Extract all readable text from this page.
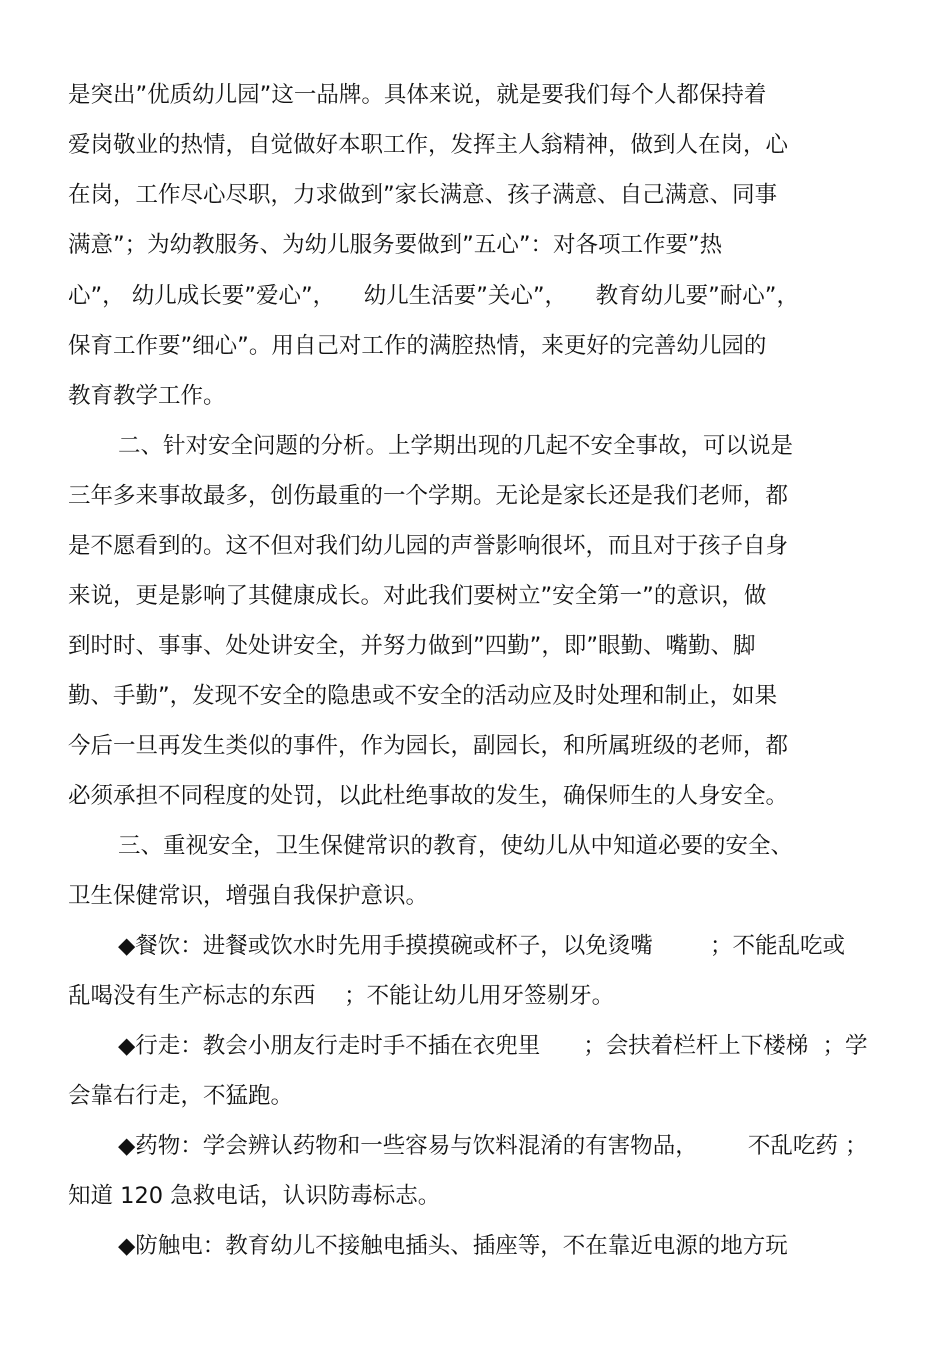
是突出”优质幼儿园”这一品牌。具体来说，就是要我们每个人都保持着
爱岗敬业的热情，自觉做好本职工作，发挥主人翁精神，做到人在岗，心
在岗，工作尽心尽职，力求做到”家长满意、孩子满意、自己满意、同事
满意”；为幼教服务、为幼儿服务要做到”五心”：对各项工作要”热
心”， 幼儿成长要”爱心”，    幼儿生活要”关心”，    教育幼儿要”耐心”，
保育工作要”细心”。用自己对工作的满腔热情，来更好的完善幼儿园的
教育教学工作。
二、针对安全问题的分析。上学期出现的几起不安全事故，可以说是
三年多来事故最多，创伤最重的一个学期。无论是家长还是我们老师，都
是不愿看到的。这不但对我们幼儿园的声誉影响很坏，而且对于孩子自身
来说，更是影响了其健康成长。对此我们要树立”安全第一”的意识，做
到时时、事事、处处讲安全，并努力做到”四勤”，即”眼勤、嘴勤、脚
勤、手勤”，发现不安全的隐患或不安全的活动应及时处理和制止，如果
今后一旦再发生类似的事件，作为园长，副园长，和所属班级的老师，都
必须承担不同程度的处罚，以此杜绝事故的发生，确保师生的人身安全。
三、重视安全，卫生保健常识的教育，使幼儿从中知道必要的安全、
卫生保健常识，增强自我保护意识。
◆餐饮：进餐或饮水时先用手摸摸碗或杯子，以免烫嘴        ；不能乱吃或
乱喝没有生产标志的东西    ；不能让幼儿用牙签剔牙。
◆行走：教会小朋友行走时手不插在衣兜里      ；会扶着栏杆上下楼梯  ；学
会靠右行走，不猛跑。
◆药物：学会辨认药物和一些容易与饮料混淆的有害物品，       不乱吃药 ；
知道 120 急救电话，认识防毒标志。
◆防触电：教育幼儿不接触电插头、插座等，不在靠近电源的地方玩
